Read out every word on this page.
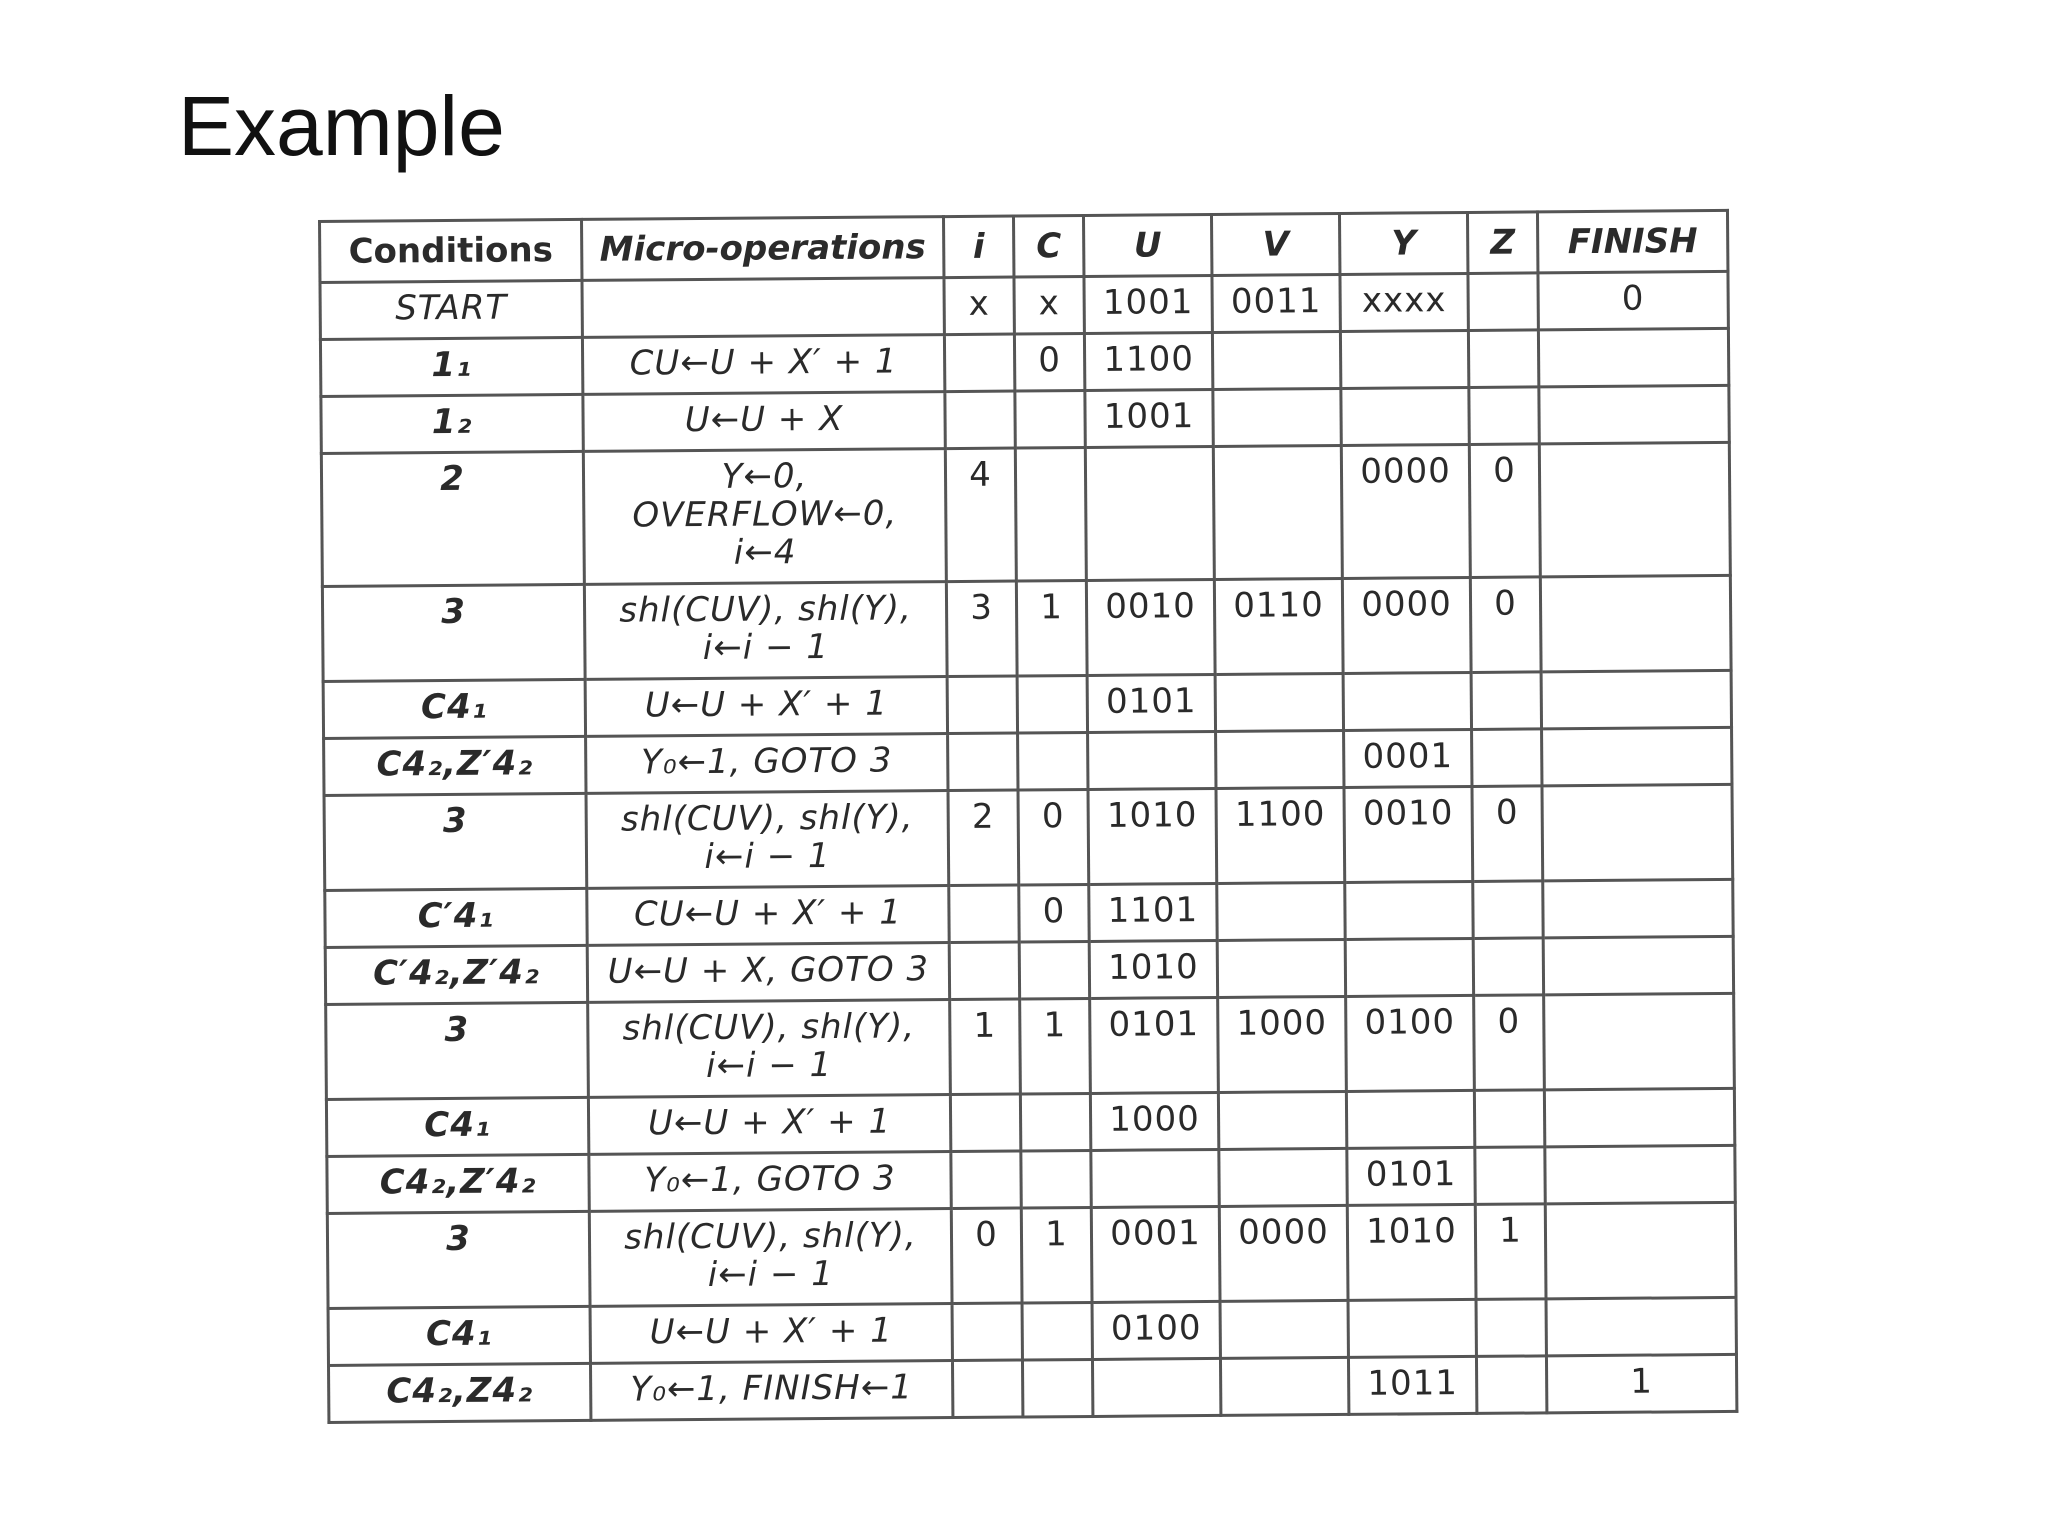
Example
Conditions	Micro-operations	i	C	U	V	Y	Z	FINISH
START		x	x	1001	0011	xxxx		0
1₁	CU←U + X′ + 1		0	1100				
1₂	U←U + X			1001				
2	Y←0,
OVERFLOW←0,
i←4	4				0000	0	
3	shl(CUV), shl(Y),
i←i − 1	3	1	0010	0110	0000	0	
C4₁	U←U + X′ + 1			0101				
C4₂,Z′4₂	Y₀←1, GOTO 3					0001		
3	shl(CUV), shl(Y),
i←i − 1	2	0	1010	1100	0010	0	
C′4₁	CU←U + X′ + 1		0	1101				
C′4₂,Z′4₂	U←U + X, GOTO 3			1010				
3	shl(CUV), shl(Y),
i←i − 1	1	1	0101	1000	0100	0	
C4₁	U←U + X′ + 1			1000				
C4₂,Z′4₂	Y₀←1, GOTO 3					0101		
3	shl(CUV), shl(Y),
i←i − 1	0	1	0001	0000	1010	1	
C4₁	U←U + X′ + 1			0100				
C4₂,Z4₂	Y₀←1, FINISH←1					1011		1
